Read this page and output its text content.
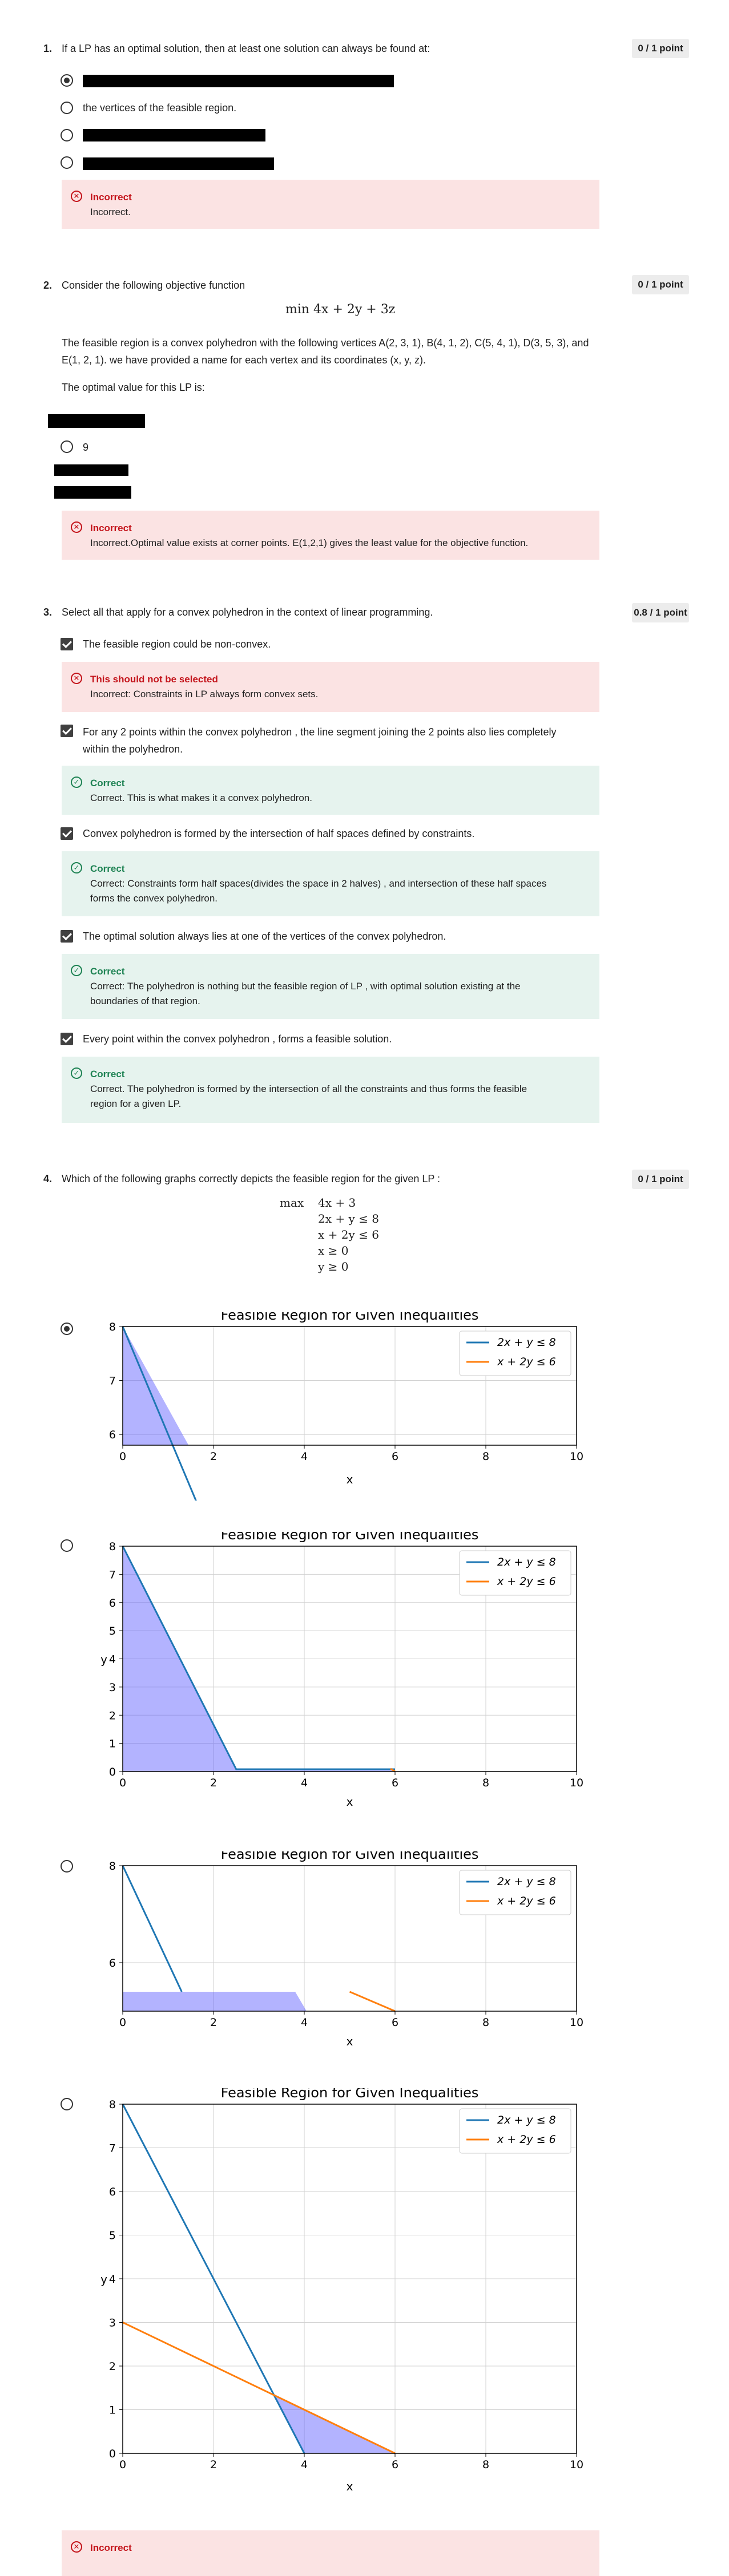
1. If a LP has an optimal solution, then at least one solution can always be found at:	0 / 1 point
the vertices of the feasible region.
✕ Incorrect
Incorrect.
2. Consider the following objective function	0 / 1 point
min 4x + 2y + 3z
The feasible region is a convex polyhedron with the following vertices A(2, 3, 1), B(4, 1, 2), C(5, 4, 1), D(3, 5, 3), and
E(1, 2, 1). we have provided a name for each vertex and its coordinates (x, y, z).
The optimal value for this LP is:
9
✕ Incorrect
Incorrect.Optimal value exists at corner points. E(1,2,1) gives the least value for the objective function.
3. Select all that apply for a convex polyhedron in the context of linear programming.	0.8 / 1 point
The feasible region could be non-convex.
✕ This should not be selected
Incorrect: Constraints in LP always form convex sets.
For any 2 points within the convex polyhedron , the line segment joining the 2 points also lies completely
within the polyhedron.
✓ Correct
Correct. This is what makes it a convex polyhedron.
Convex polyhedron is formed by the intersection of half spaces defined by constraints.
✓ Correct
Correct: Constraints form half spaces(divides the space in 2 halves) , and intersection of these half spaces
forms the convex polyhedron.
The optimal solution always lies at one of the vertices of the convex polyhedron.
✓ Correct
Correct: The polyhedron is nothing but the feasible region of LP , with optimal solution existing at the
boundaries of that region.
Every point within the convex polyhedron , forms a feasible solution.
✓ Correct
Correct. The polyhedron is formed by the intersection of all the constraints and thus forms the feasible
region for a given LP.
4. Which of the following graphs correctly depicts the feasible region for the given LP :	0 / 1 point
max 4x + 3
2x + y ≤ 8
x + 2y ≤ 6
x ≥ 0
y ≥ 0
Feasible Region for Given Inequalities
0	2	4	6	8	10
6
7
8
x
2x + y ≤ 8
x + 2y ≤ 6
Feasible Region for Given Inequalities
0	2	4	6	8	10
0
1
2
3
4
5
6
7
8
x
y
2x + y ≤ 8
x + 2y ≤ 6
Feasible Region for Given Inequalities
0	2	4	6	8	10
6
8
x
2x + y ≤ 8
x + 2y ≤ 6
Feasible Region for Given Inequalities
0	2	4	6	8	10
0
1
2
3
4
5
6
7
8
x
y
2x + y ≤ 8
x + 2y ≤ 6
✕ Incorrect
